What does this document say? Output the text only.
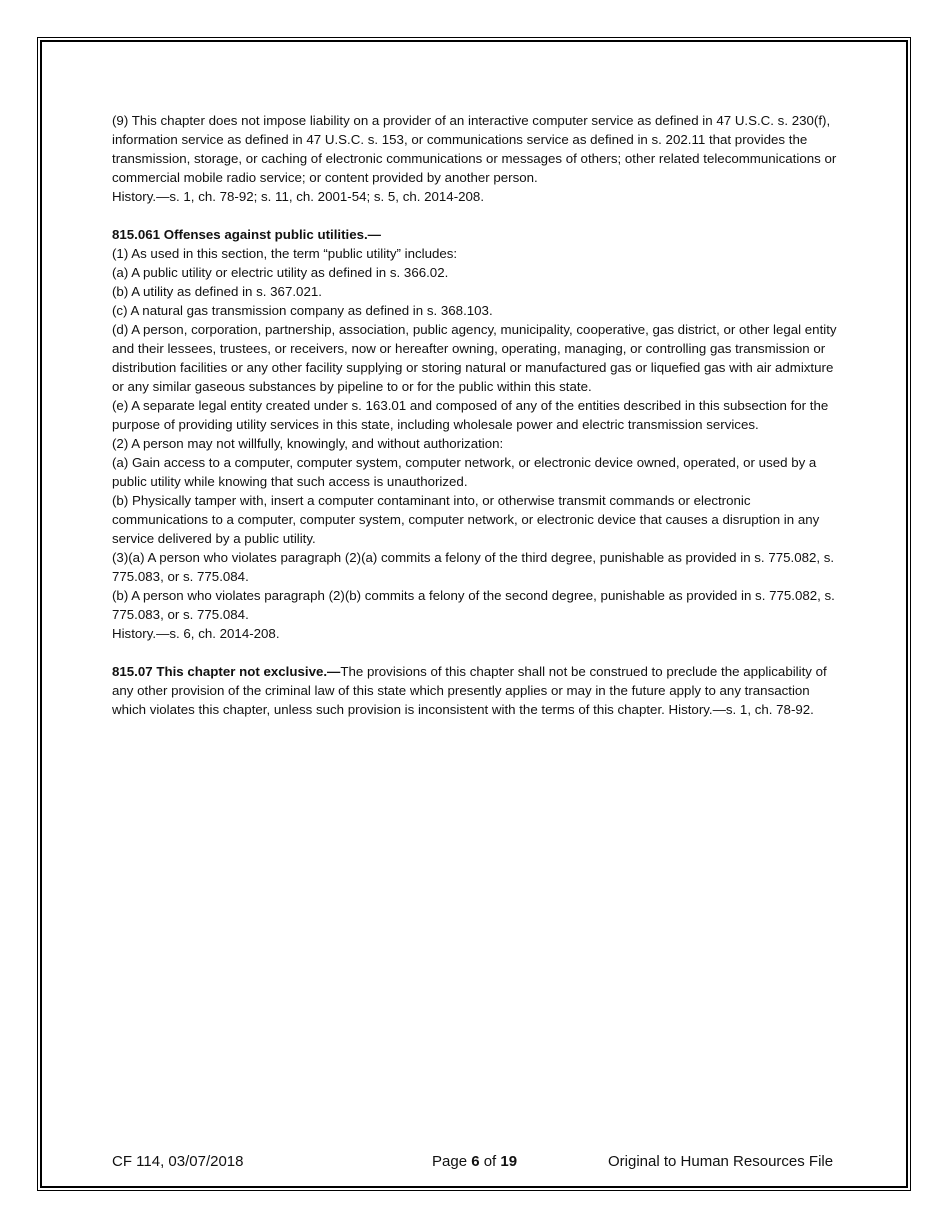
(9) This chapter does not impose liability on a provider of an interactive computer service as defined in 47 U.S.C. s. 230(f), information service as defined in 47 U.S.C. s. 153, or communications service as defined in s. 202.11 that provides the transmission, storage, or caching of electronic communications or messages of others; other related telecommunications or commercial mobile radio service; or content provided by another person.

History.—s. 1, ch. 78-92; s. 11, ch. 2001-54; s. 5, ch. 2014-208.

815.061 Offenses against public utilities.—

(1) As used in this section, the term “public utility” includes:

(a) A public utility or electric utility as defined in s. 366.02.

(b) A utility as defined in s. 367.021.

(c) A natural gas transmission company as defined in s. 368.103.

(d) A person, corporation, partnership, association, public agency, municipality, cooperative, gas district, or other legal entity and their lessees, trustees, or receivers, now or hereafter owning, operating, managing, or controlling gas transmission or distribution facilities or any other facility supplying or storing natural or manufactured gas or liquefied gas with air admixture or any similar gaseous substances by pipeline to or for the public within this state.

(e) A separate legal entity created under s. 163.01 and composed of any of the entities described in this subsection for the purpose of providing utility services in this state, including wholesale power and electric transmission services.

(2) A person may not willfully, knowingly, and without authorization:

(a) Gain access to a computer, computer system, computer network, or electronic device owned, operated, or used by a public utility while knowing that such access is unauthorized.

(b) Physically tamper with, insert a computer contaminant into, or otherwise transmit commands or electronic communications to a computer, computer system, computer network, or electronic device that causes a disruption in any service delivered by a public utility.

(3)(a) A person who violates paragraph (2)(a) commits a felony of the third degree, punishable as provided in s. 775.082, s. 775.083, or s. 775.084.

(b) A person who violates paragraph (2)(b) commits a felony of the second degree, punishable as provided in s. 775.082, s. 775.083, or s. 775.084.

History.—s. 6, ch. 2014-208.

815.07 This chapter not exclusive.—The provisions of this chapter shall not be construed to preclude the applicability of any other provision of the criminal law of this state which presently applies or may in the future apply to any transaction which violates this chapter, unless such provision is inconsistent with the terms of this chapter. History.—s. 1, ch. 78-92.

CF 114, 03/07/2018	Page 6 of 19	Original to Human Resources File
